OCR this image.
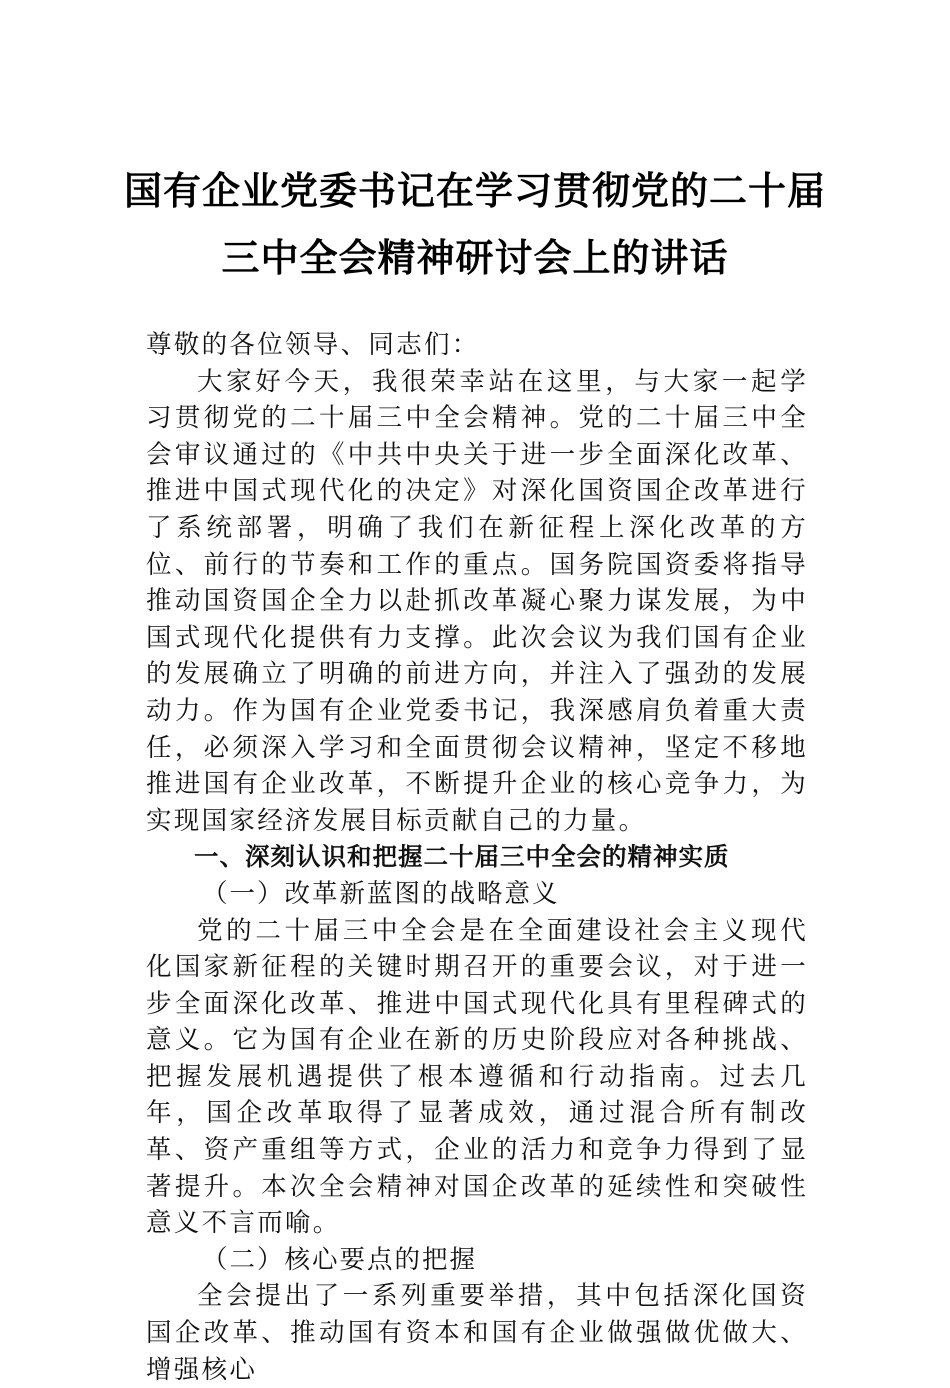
国有企业党委书记在学习贯彻党的二十届
三中全会精神研讨会上的讲话

尊敬的各位领导、同志们：

大家好今天，我很荣幸站在这里，与大家一起学习贯彻党的二十届三中全会精神。党的二十届三中全会审议通过的《中共中央关于进一步全面深化改革、推进中国式现代化的决定》对深化国资国企改革进行了系统部署，明确了我们在新征程上深化改革的方位、前行的节奏和工作的重点。国务院国资委将指导推动国资国企全力以赴抓改革凝心聚力谋发展，为中国式现代化提供有力支撑。此次会议为我们国有企业的发展确立了明确的前进方向，并注入了强劲的发展动力。作为国有企业党委书记，我深感肩负着重大责任，必须深入学习和全面贯彻会议精神，坚定不移地推进国有企业改革，不断提升企业的核心竞争力，为实现国家经济发展目标贡献自己的力量。

一、深刻认识和把握二十届三中全会的精神实质

（一）改革新蓝图的战略意义

党的二十届三中全会是在全面建设社会主义现代化国家新征程的关键时期召开的重要会议，对于进一步全面深化改革、推进中国式现代化具有里程碑式的意义。它为国有企业在新的历史阶段应对各种挑战、把握发展机遇提供了根本遵循和行动指南。过去几年，国企改革取得了显著成效，通过混合所有制改革、资产重组等方式，企业的活力和竞争力得到了显著提升。本次全会精神对国企改革的延续性和突破性意义不言而喻。

（二）核心要点的把握

全会提出了一系列重要举措，其中包括深化国资国企改革、推动国有资本和国有企业做强做优做大、增强核心
